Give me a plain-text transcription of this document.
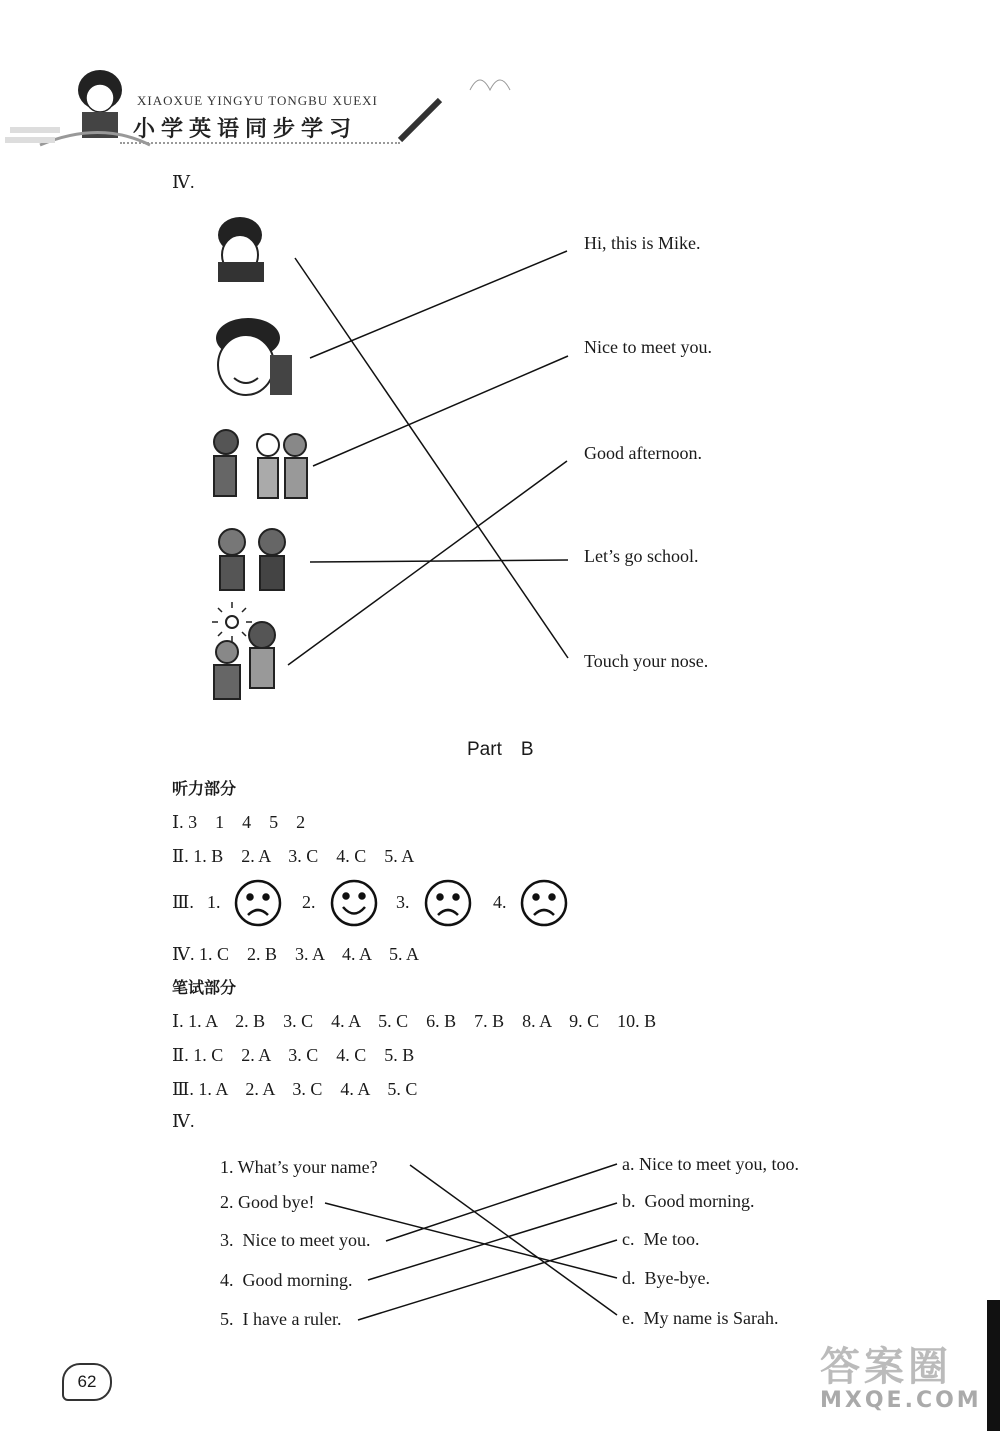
XIAOXUE YINGYU TONGBU XUEXI
小学英语同步学习
Ⅳ.
Hi, this is Mike.
Nice to meet you.
Good afternoon.
Let’s go school.
Touch your nose.
Part　B
听力部分
Ⅰ. 3　1　4　5　2
Ⅱ. 1. B　2. A　3. C　4. C　5. A
Ⅲ. 1.	2.	3.	4.
Ⅳ. 1. C　2. B　3. A　4. A　5. A
笔试部分
Ⅰ. 1. A　2. B　3. C　4. A　5. C　6. B　7. B　8. A　9. C　10. B
Ⅱ. 1. C　2. A　3. C　4. C　5. B
Ⅲ. 1. A　2. A　3. C　4. A　5. C
Ⅳ.
1. What’s your name?
2. Good bye!
3.  Nice to meet you.
4.  Good morning.
5.  I have a ruler.
a. Nice to meet you, too.
b.  Good morning.
c.  Me too.
d.  Bye-bye.
e.  My name is Sarah.
62	答案圈
MXQE.COM
